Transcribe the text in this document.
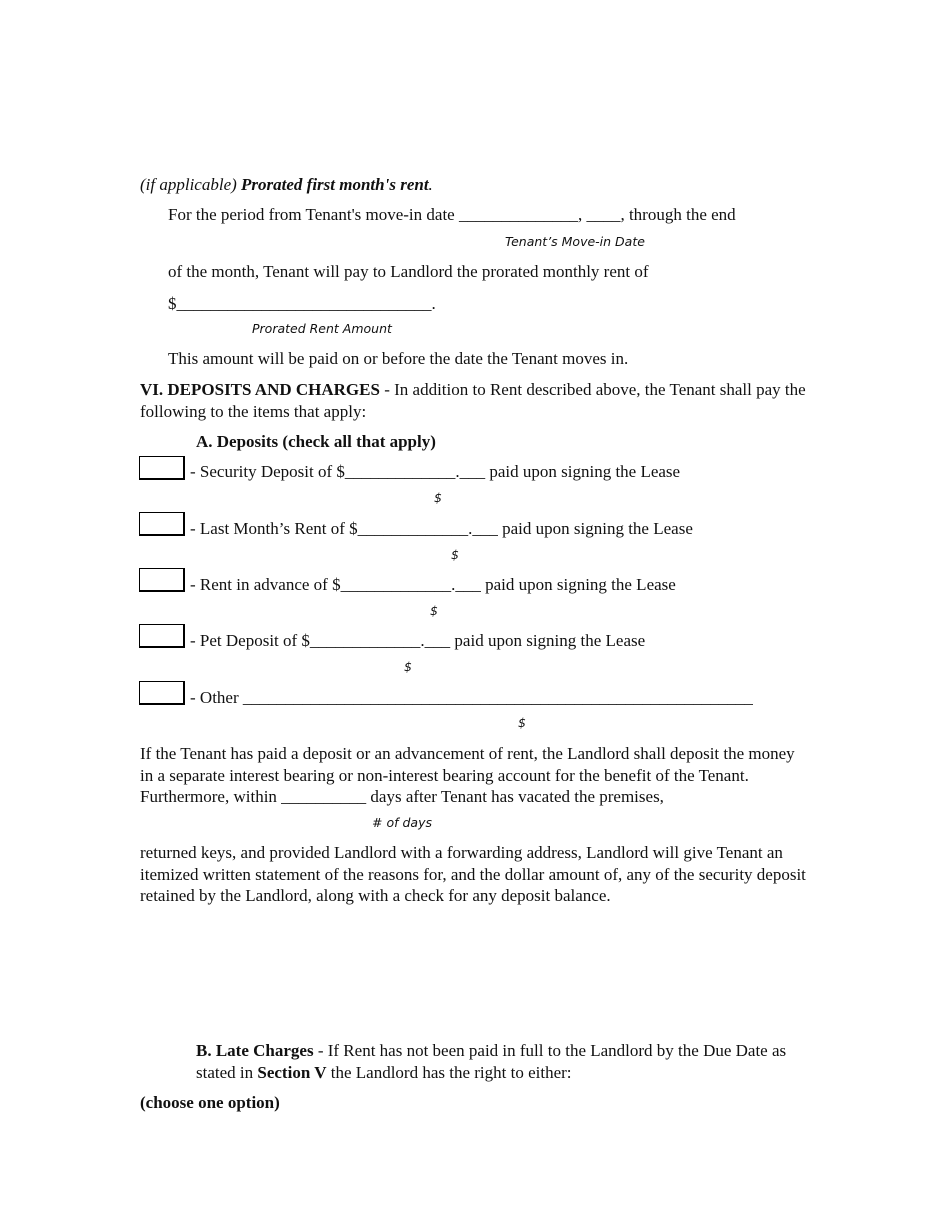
(if applicable) Prorated first month's rent.
For the period from Tenant's move-in date ______________, ____, through the end
Tenant’s Move-in Date
of the month, Tenant will pay to Landlord the prorated monthly rent of
$______________________________.
Prorated Rent Amount
This amount will be paid on or before the date the Tenant moves in.
VI. DEPOSITS AND CHARGES - In addition to Rent described above, the Tenant shall pay the following to the items that apply:
A. Deposits (check all that apply)
- Security Deposit of $_____________.___ paid upon signing the Lease
$
- Last Month’s Rent of $_____________.___ paid upon signing the Lease
$
- Rent in advance of $_____________.___ paid upon signing the Lease
$
- Pet Deposit of $_____________.___ paid upon signing the Lease
$
- Other ____________________________________________________________
$
If the Tenant has paid a deposit or an advancement of rent, the Landlord shall deposit the money in a separate interest bearing or non-interest bearing account for the benefit of the Tenant. Furthermore, within __________ days after Tenant has vacated the premises,
# of days
returned keys, and provided Landlord with a forwarding address, Landlord will give Tenant an itemized written statement of the reasons for, and the dollar amount of, any of the security deposit retained by the Landlord, along with a check for any deposit balance.
B. Late Charges - If Rent has not been paid in full to the Landlord by the Due Date as stated in Section V the Landlord has the right to either:
(choose one option)
